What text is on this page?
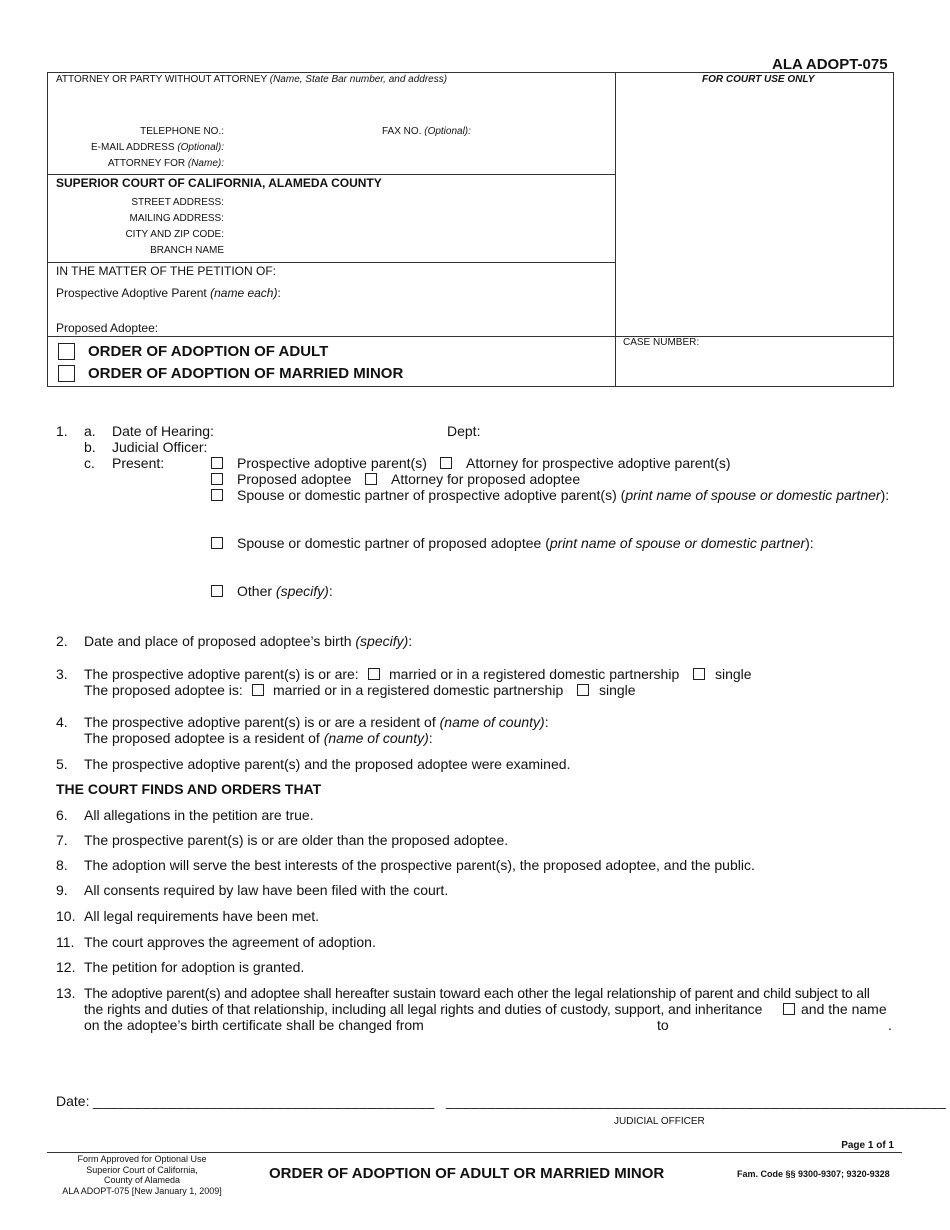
ALA ADOPT-075
ATTORNEY OR PARTY WITHOUT ATTORNEY (Name, State Bar number, and address)	FOR COURT USE ONLY
TELEPHONE NO.:	FAX NO. (Optional):
E-MAIL ADDRESS (Optional):
ATTORNEY FOR (Name):
SUPERIOR COURT OF CALIFORNIA, ALAMEDA COUNTY
STREET ADDRESS:
MAILING ADDRESS:
CITY AND ZIP CODE:
BRANCH NAME
IN THE MATTER OF THE PETITION OF:
Prospective Adoptive Parent (name each):
Proposed Adoptee:
CASE NUMBER:
ORDER OF ADOPTION OF ADULT
ORDER OF ADOPTION OF MARRIED MINOR
1. a. Date of Hearing:	Dept:
b. Judicial Officer:
c. Present:	Prospective adoptive parent(s)	Attorney for prospective adoptive parent(s)
Proposed adoptee	Attorney for proposed adoptee
Spouse or domestic partner of prospective adoptive parent(s) (print name of spouse or domestic partner):
Spouse or domestic partner of proposed adoptee (print name of spouse or domestic partner):
Other (specify):
2. Date and place of proposed adoptee’s birth (specify):
3. The prospective adoptive parent(s) is or are: married or in a registered domestic partnership	single
The proposed adoptee is: married or in a registered domestic partnership	single
4. The prospective adoptive parent(s) is or are a resident of (name of county):
The proposed adoptee is a resident of (name of county):
5. The prospective adoptive parent(s) and the proposed adoptee were examined.
THE COURT FINDS AND ORDERS THAT
6. All allegations in the petition are true.
7. The prospective parent(s) is or are older than the proposed adoptee.
8. The adoption will serve the best interests of the prospective parent(s), the proposed adoptee, and the public.
9. All consents required by law have been filed with the court.
10. All legal requirements have been met.
11. The court approves the agreement of adoption.
12. The petition for adoption is granted.
13. The adoptive parent(s) and adoptee shall hereafter sustain toward each other the legal relationship of parent and child subject to all
the rights and duties of that relationship, including all legal rights and duties of custody, support, and inheritance	and the name
on the adoptee’s birth certificate shall be changed from	to	.
Date: _________________________________________ ____________________________________________________________
JUDICIAL OFFICER
Page 1 of 1
Form Approved for Optional Use
Superior Court of California,
County of Alameda
ALA ADOPT-075 [New January 1, 2009]
ORDER OF ADOPTION OF ADULT OR MARRIED MINOR	Fam. Code §§ 9300-9307; 9320-9328
